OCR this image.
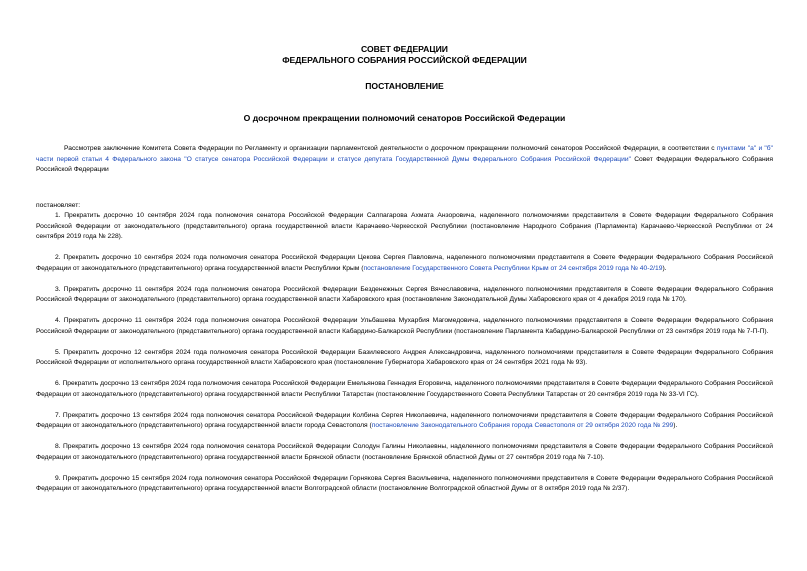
СОВЕТ ФЕДЕРАЦИИ
ФЕДЕРАЛЬНОГО СОБРАНИЯ РОССИЙСКОЙ ФЕДЕРАЦИИ
ПОСТАНОВЛЕНИЕ
О досрочном прекращении полномочий сенаторов Российской Федерации

Рассмотрев заключение Комитета Совета Федерации по Регламенту и организации парламентской деятельности о досрочном прекращении полномочий сенаторов Российской Федерации, в соответствии с пунктами "а" и "б" части первой статьи 4 Федерального закона "О статусе сенатора Российской Федерации и статусе депутата Государственной Думы Федерального Собрания Российской Федерации" Совет Федерации Федерального Собрания Российской Федерации

постановляет:

1. Прекратить досрочно 10 сентября 2024 года полномочия сенатора Российской Федерации Салпагарова Ахмата Анзоровича, наделенного полномочиями представителя в Совете Федерации Федерального Собрания Российской Федерации от законодательного (представительного) органа государственной власти Карачаево-Черкесской Республики (постановление Народного Собрания (Парламента) Карачаево-Черкесской Республики от 24 сентября 2019 года № 228).

2. Прекратить досрочно 10 сентября 2024 года полномочия сенатора Российской Федерации Цекова Сергея Павловича, наделенного полномочиями представителя в Совете Федерации Федерального Собрания Российской Федерации от законодательного (представительного) органа государственной власти Республики Крым (постановление Государственного Совета Республики Крым от 24 сентября 2019 года № 40-2/19).

3. Прекратить досрочно 11 сентября 2024 года полномочия сенатора Российской Федерации Безденежных Сергея Вячеславовича, наделенного полномочиями представителя в Совете Федерации Федерального Собрания Российской Федерации от законодательного (представительного) органа государственной власти Хабаровского края (постановление Законодательной Думы Хабаровского края от 4 декабря 2019 года № 170).

4. Прекратить досрочно 11 сентября 2024 года полномочия сенатора Российской Федерации Ульбашева Мухарбия Магомедовича, наделенного полномочиями представителя в Совете Федерации Федерального Собрания Российской Федерации от законодательного (представительного) органа государственной власти Кабардино-Балкарской Республики (постановление Парламента Кабардино-Балкарской Республики от 23 сентября 2019 года № 7-П-П).

5. Прекратить досрочно 12 сентября 2024 года полномочия сенатора Российской Федерации Базилевского Андрея Александровича, наделенного полномочиями представителя в Совете Федерации Федерального Собрания Российской Федерации от исполнительного органа государственной власти Хабаровского края (постановление Губернатора Хабаровского края от 24 сентября 2021 года № 93).

6. Прекратить досрочно 13 сентября 2024 года полномочия сенатора Российской Федерации Емельянова Геннадия Егоровича, наделенного полномочиями представителя в Совете Федерации Федерального Собрания Российской Федерации от законодательного (представительного) органа государственной власти Республики Татарстан (постановление Государственного Совета Республики Татарстан от 20 сентября 2019 года № 33-VI ГС).

7. Прекратить досрочно 13 сентября 2024 года полномочия сенатора Российской Федерации Колбина Сергея Николаевича, наделенного полномочиями представителя в Совете Федерации Федерального Собрания Российской Федерации от законодательного (представительного) органа государственной власти города Севастополя (постановление Законодательного Собрания города Севастополя от 29 октября 2020 года № 299).

8. Прекратить досрочно 13 сентября 2024 года полномочия сенатора Российской Федерации Солодун Галины Николаевны, наделенного полномочиями представителя в Совете Федерации Федерального Собрания Российской Федерации от законодательного (представительного) органа государственной власти Брянской области (постановление Брянской областной Думы от 27 сентября 2019 года № 7-10).

9. Прекратить досрочно 15 сентября 2024 года полномочия сенатора Российской Федерации Горнякова Сергея Васильевича, наделенного полномочиями представителя в Совете Федерации Федерального Собрания Российской Федерации от законодательного (представительного) органа государственной власти Волгоградской области (постановление Волгоградской областной Думы от 8 октября 2019 года № 2/37).
